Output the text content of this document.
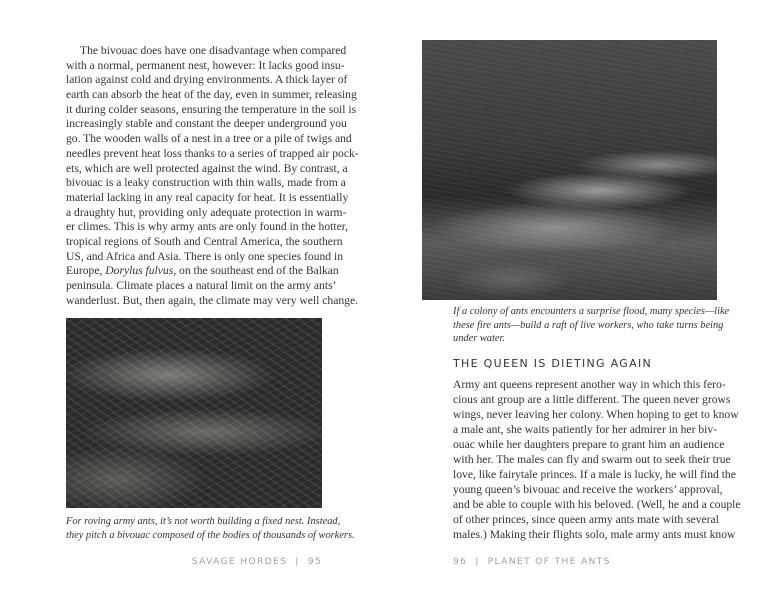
The bivouac does have one disadvantage when compared
with a normal, permanent nest, however: It lacks good insu-
lation against cold and drying environments. A thick layer of
earth can absorb the heat of the day, even in summer, releasing
it during colder seasons, ensuring the temperature in the soil is
increasingly stable and constant the deeper underground you
go. The wooden walls of a nest in a tree or a pile of twigs and
needles prevent heat loss thanks to a series of trapped air pock-
ets, which are well protected against the wind. By contrast, a
bivouac is a leaky construction with thin walls, made from a
material lacking in any real capacity for heat. It is essentially
a draughty hut, providing only adequate protection in warm-
er climes. This is why army ants are only found in the hotter,
tropical regions of South and Central America, the southern
US, and Africa and Asia. There is only one species found in
Europe, Dorylus fulvus, on the southeast end of the Balkan
peninsula. Climate places a natural limit on the army ants’
wanderlust. But, then again, the climate may very well change.
For roving army ants, it’s not worth building a fixed nest. Instead,
they pitch a bivouac composed of the bodies of thousands of workers.
SAVAGE HORDES | 95
If a colony of ants encounters a surprise flood, many species—like
these fire ants—build a raft of live workers, who take turns being
under water.
THE QUEEN IS DIETING AGAIN
Army ant queens represent another way in which this fero-
cious ant group are a little different. The queen never grows
wings, never leaving her colony. When hoping to get to know
a male ant, she waits patiently for her admirer in her biv-
ouac while her daughters prepare to grant him an audience
with her. The males can fly and swarm out to seek their true
love, like fairytale princes. If a male is lucky, he will find the
young queen’s bivouac and receive the workers’ approval,
and be able to couple with his beloved. (Well, he and a couple
of other princes, since queen army ants mate with several
males.) Making their flights solo, male army ants must know
96 | PLANET OF THE ANTS
